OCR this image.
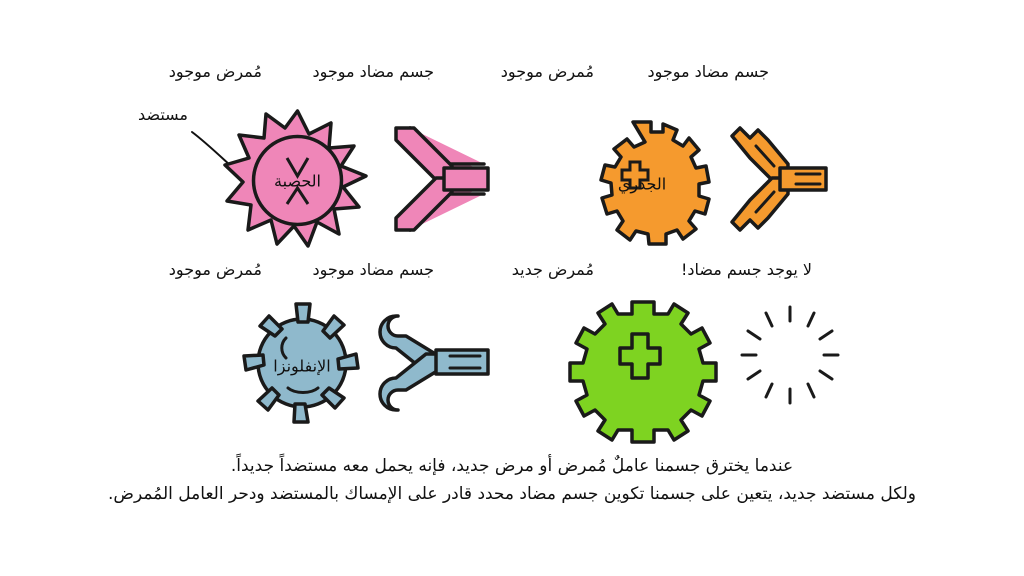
مُمرض موجود	جسم مضاد موجود	مُمرض موجود	جسم مضاد موجود
مستضد
الحصبة	الجدري
مُمرض موجود	جسم مضاد موجود	مُمرض جديد	لا يوجد جسم مضاد!
الإنفلونزا
عندما يخترق جسمنا عاملٌ مُمرض أو مرض جديد، فإنه يحمل معه مستضداً جديداً.
ولكل مستضد جديد، يتعين على جسمنا تكوين جسم مضاد محدد قادر على الإمساك بالمستضد ودحر العامل المُمرض.
